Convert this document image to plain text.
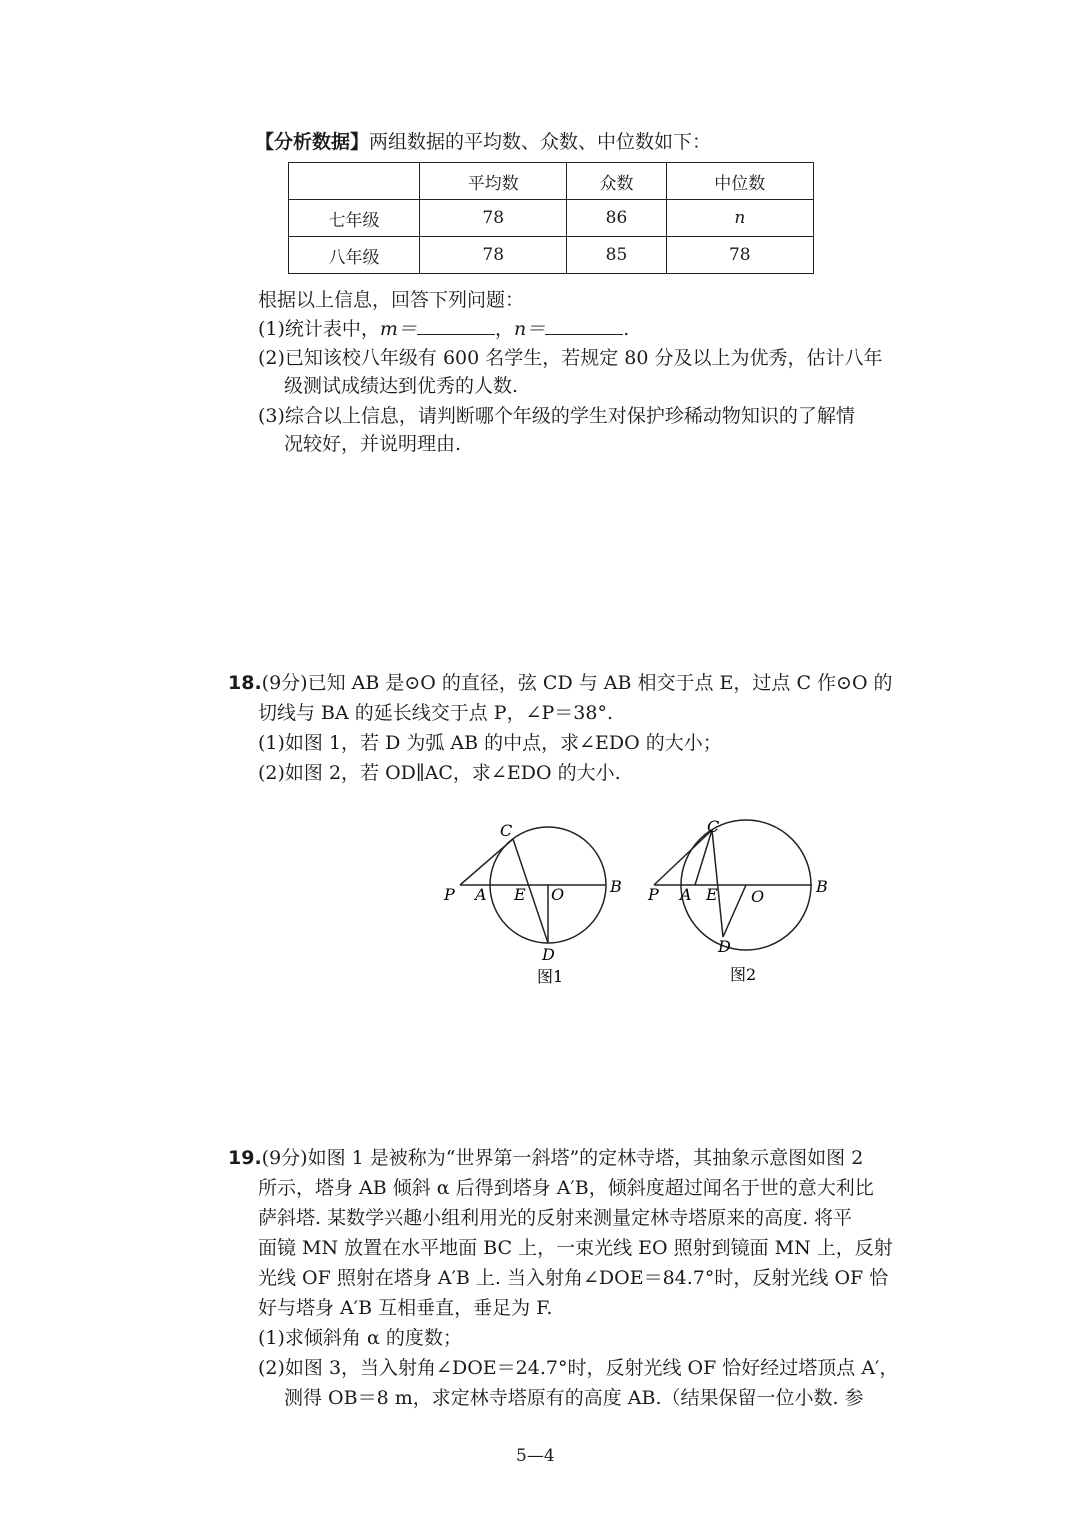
【分析数据】两组数据的平均数、众数、中位数如下：
	平均数	众数	中位数
七年级	78	86	n
八年级	78	85	78
根据以上信息，回答下列问题：
(1)统计表中，m＝	，n＝	.
(2)已知该校八年级有 600 名学生，若规定 80 分及以上为优秀，估计八年
级测试成绩达到优秀的人数.
(3)综合以上信息，请判断哪个年级的学生对保护珍稀动物知识的了解情
况较好，并说明理由.
18.(9分)已知 AB 是⊙O 的直径，弦 CD 与 AB 相交于点 E，过点 C 作⊙O 的
切线与 BA 的延长线交于点 P，∠P＝38°.
(1)如图 1，若 D 为弧 AB 的中点，求∠EDO 的大小；
(2)如图 2，若 OD∥AC，求∠EDO 的大小.
C
P A E O	B
D
图1
C
P A E O
B
D
图2
19.(9分)如图 1 是被称为“世界第一斜塔”的定林寺塔，其抽象示意图如图 2
所示，塔身 AB 倾斜 α 后得到塔身 A′B，倾斜度超过闻名于世的意大利比
萨斜塔. 某数学兴趣小组利用光的反射来测量定林寺塔原来的高度. 将平
面镜 MN 放置在水平地面 BC 上，一束光线 EO 照射到镜面 MN 上，反射
光线 OF 照射在塔身 A′B 上. 当入射角∠DOE＝84.7°时，反射光线 OF 恰
好与塔身 A′B 互相垂直，垂足为 F.
(1)求倾斜角 α 的度数；
(2)如图 3，当入射角∠DOE＝24.7°时，反射光线 OF 恰好经过塔顶点 A′，
测得 OB＝8 m，求定林寺塔原有的高度 AB.（结果保留一位小数. 参
5—4
